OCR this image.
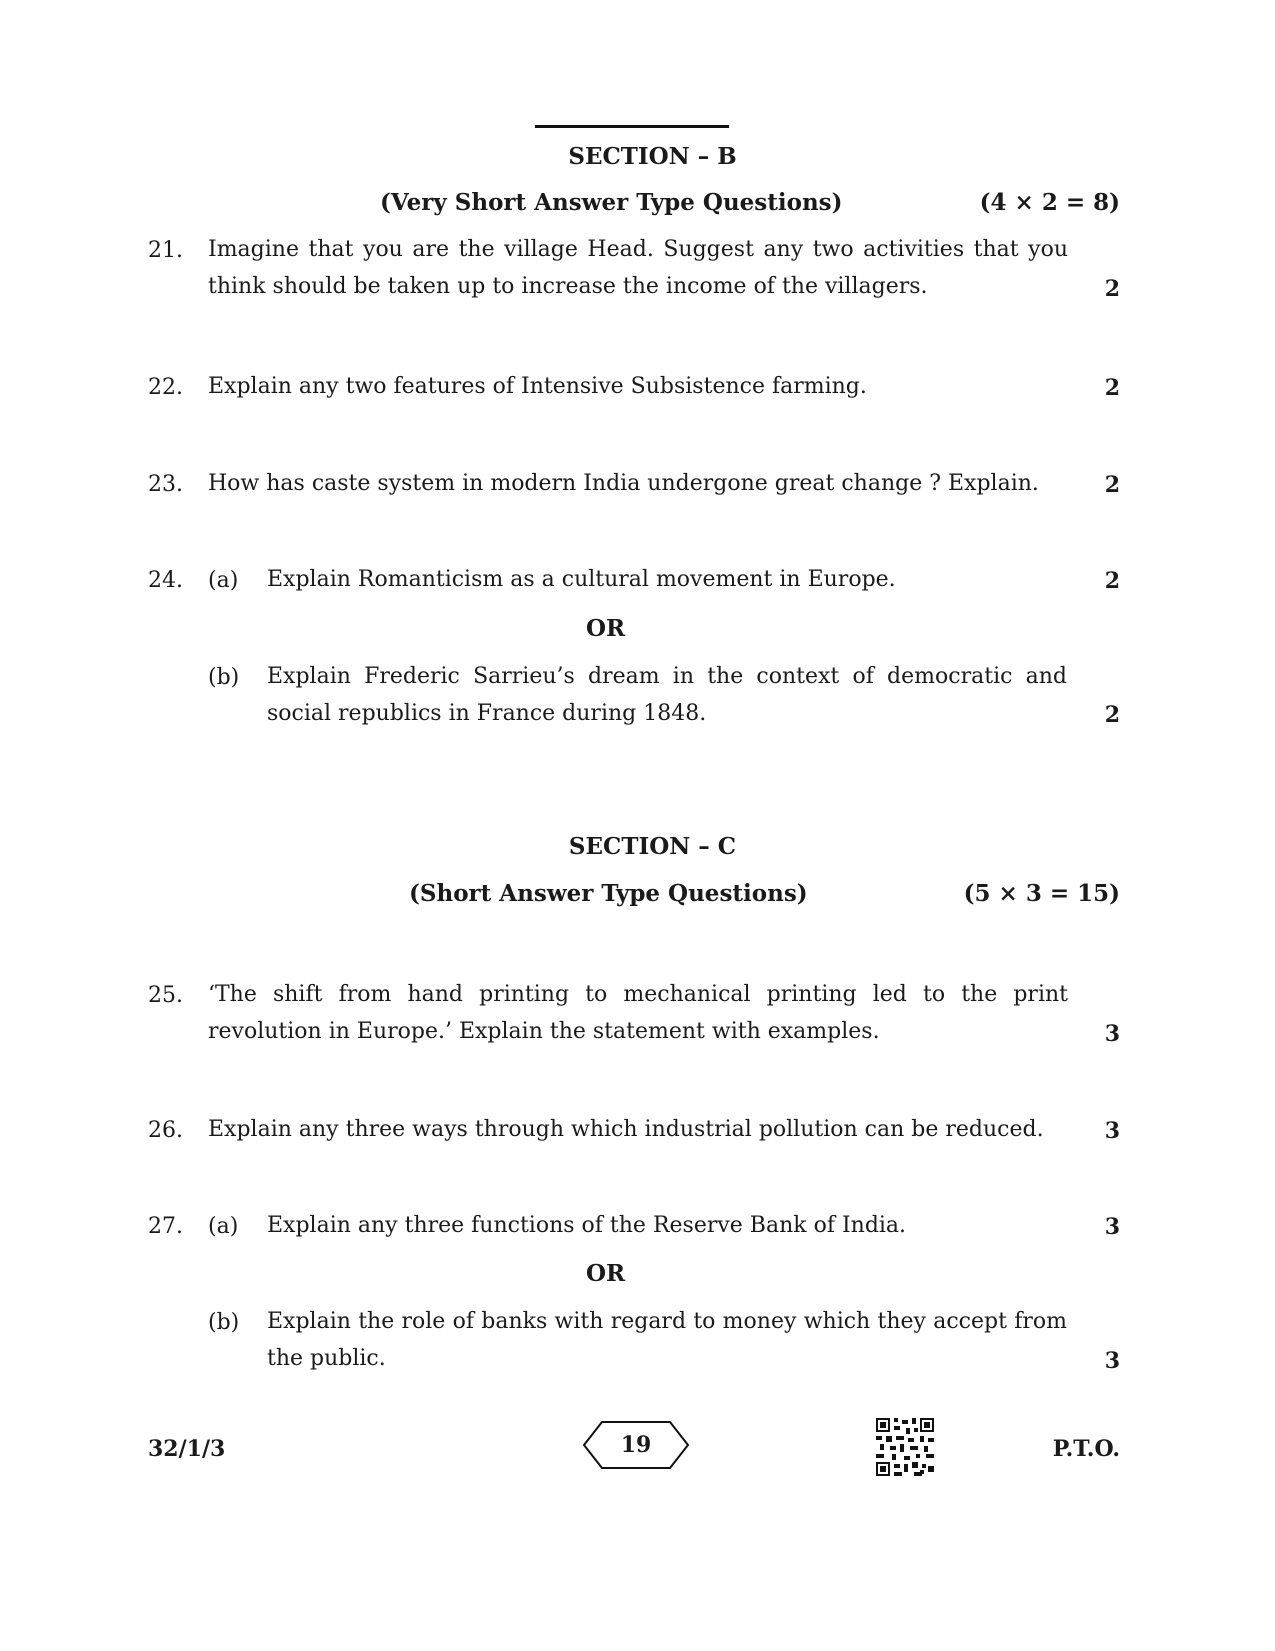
SECTION – B
(Very Short Answer Type Questions)	(4 × 2 = 8)
21. Imagine that you are the village Head. Suggest any two activities that you think should be taken up to increase the income of the villagers.	2
22. Explain any two features of Intensive Subsistence farming.	2
23. How has caste system in modern India undergone great change ? Explain.	2
24. (a) Explain Romanticism as a cultural movement in Europe.	2
OR
(b) Explain Frederic Sarrieu’s dream in the context of democratic and social republics in France during 1848.	2
SECTION – C
(Short Answer Type Questions)	(5 × 3 = 15)
25. ‘The shift from hand printing to mechanical printing led to the print revolution in Europe.’ Explain the statement with examples.	3
26. Explain any three ways through which industrial pollution can be reduced.	3
27. (a) Explain any three functions of the Reserve Bank of India.	3
OR
(b) Explain the role of banks with regard to money which they accept from the public.	3
32/1/3	19	P.T.O.
